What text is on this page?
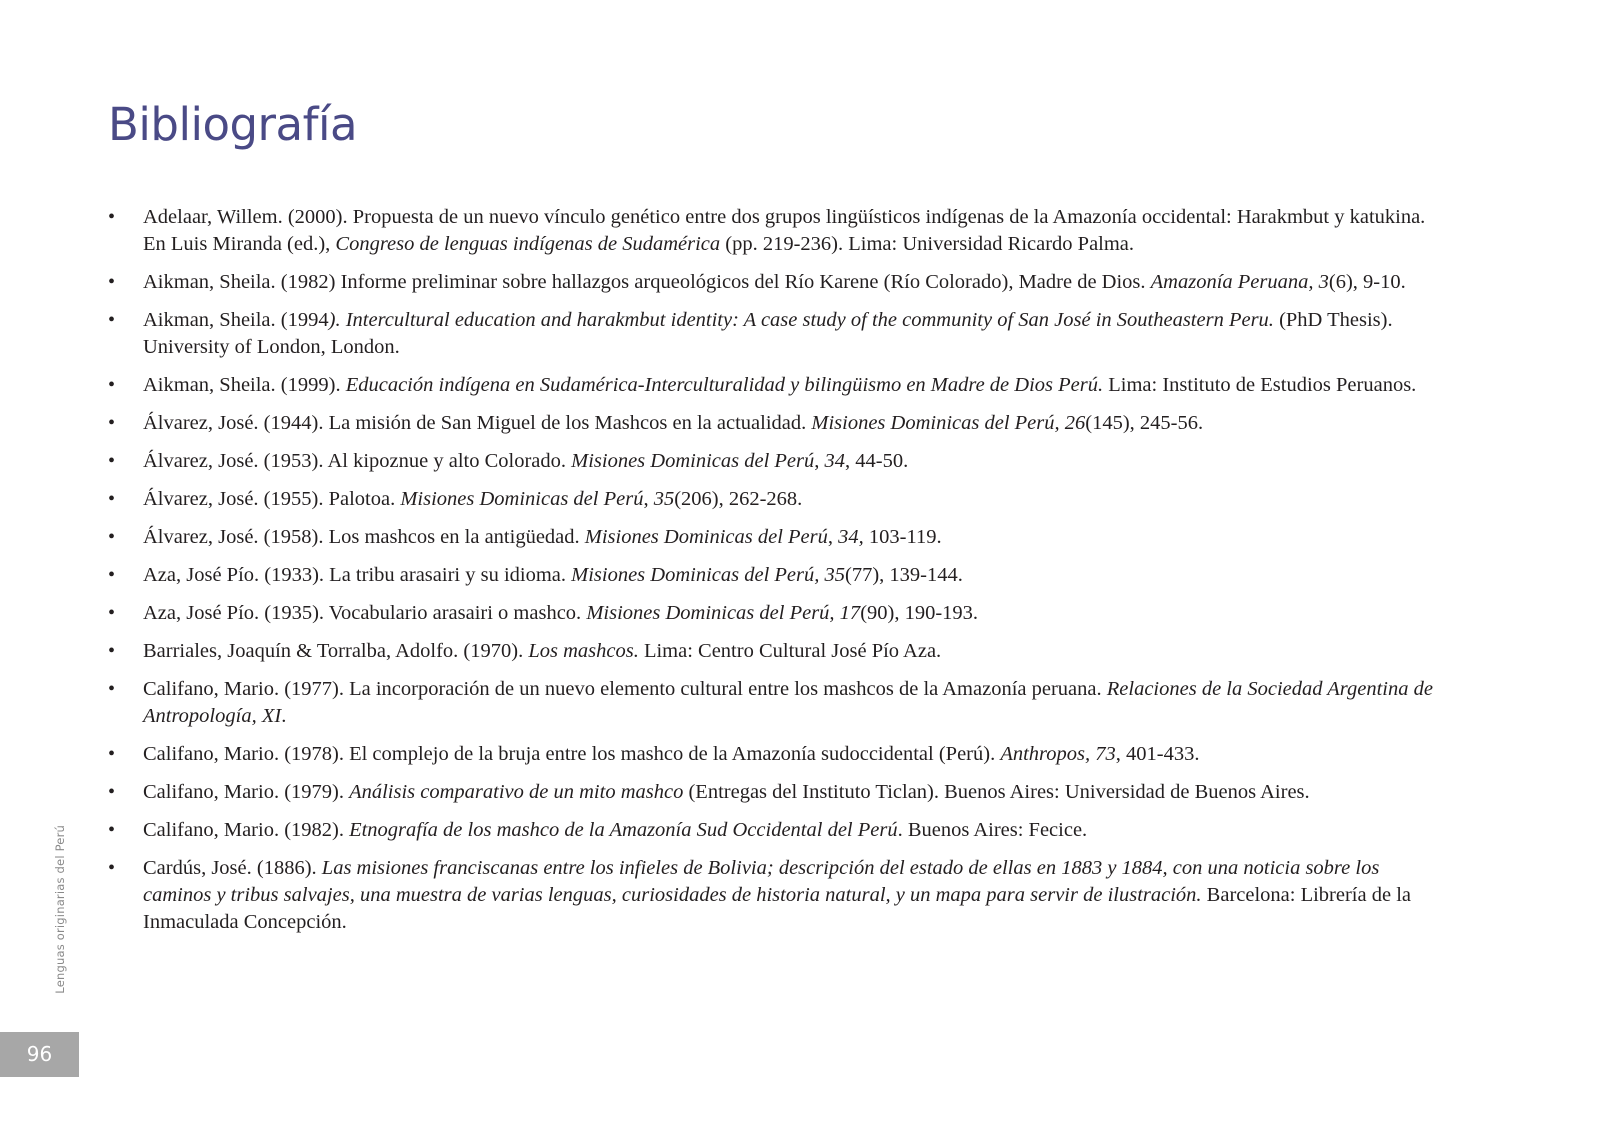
Bibliografía
• Adelaar, Willem. (2000). Propuesta de un nuevo vínculo genético entre dos grupos lingüísticos indígenas de la Amazonía occidental: Harakmbut y katukina. En Luis Miranda (ed.), Congreso de lenguas indígenas de Sudamérica (pp. 219-236). Lima: Universidad Ricardo Palma.
• Aikman, Sheila. (1982) Informe preliminar sobre hallazgos arqueológicos del Río Karene (Río Colorado), Madre de Dios. Amazonía Peruana, 3(6), 9-10.
• Aikman, Sheila. (1994). Intercultural education and harakmbut identity: A case study of the community of San José in Southeastern Peru. (PhD Thesis). University of London, London.
• Aikman, Sheila. (1999). Educación indígena en Sudamérica-Interculturalidad y bilingüismo en Madre de Dios Perú. Lima: Instituto de Estudios Peruanos.
• Álvarez, José. (1944). La misión de San Miguel de los Mashcos en la actualidad. Misiones Dominicas del Perú, 26(145), 245-56.
• Álvarez, José. (1953). Al kipoznue y alto Colorado. Misiones Dominicas del Perú, 34, 44-50.
• Álvarez, José. (1955). Palotoa. Misiones Dominicas del Perú, 35(206), 262-268.
• Álvarez, José. (1958). Los mashcos en la antigüedad. Misiones Dominicas del Perú, 34, 103-119.
• Aza, José Pío. (1933). La tribu arasairi y su idioma. Misiones Dominicas del Perú, 35(77), 139-144.
• Aza, José Pío. (1935). Vocabulario arasairi o mashco. Misiones Dominicas del Perú, 17(90), 190-193.
• Barriales, Joaquín & Torralba, Adolfo. (1970). Los mashcos. Lima: Centro Cultural José Pío Aza.
• Califano, Mario. (1977). La incorporación de un nuevo elemento cultural entre los mashcos de la Amazonía peruana. Relaciones de la Sociedad Argentina de Antropología, XI.
• Califano, Mario. (1978). El complejo de la bruja entre los mashco de la Amazonía sudoccidental (Perú). Anthropos, 73, 401-433.
• Califano, Mario. (1979). Análisis comparativo de un mito mashco (Entregas del Instituto Ticlan). Buenos Aires: Universidad de Buenos Aires.
• Califano, Mario. (1982). Etnografía de los mashco de la Amazonía Sud Occidental del Perú. Buenos Aires: Fecice.
• Cardús, José. (1886). Las misiones franciscanas entre los infieles de Bolivia; descripción del estado de ellas en 1883 y 1884, con una noticia sobre los caminos y tribus salvajes, una muestra de varias lenguas, curiosidades de historia natural, y un mapa para servir de ilustración. Barcelona: Librería de la Inmaculada Concepción.
Lenguas originarias del Perú
96
